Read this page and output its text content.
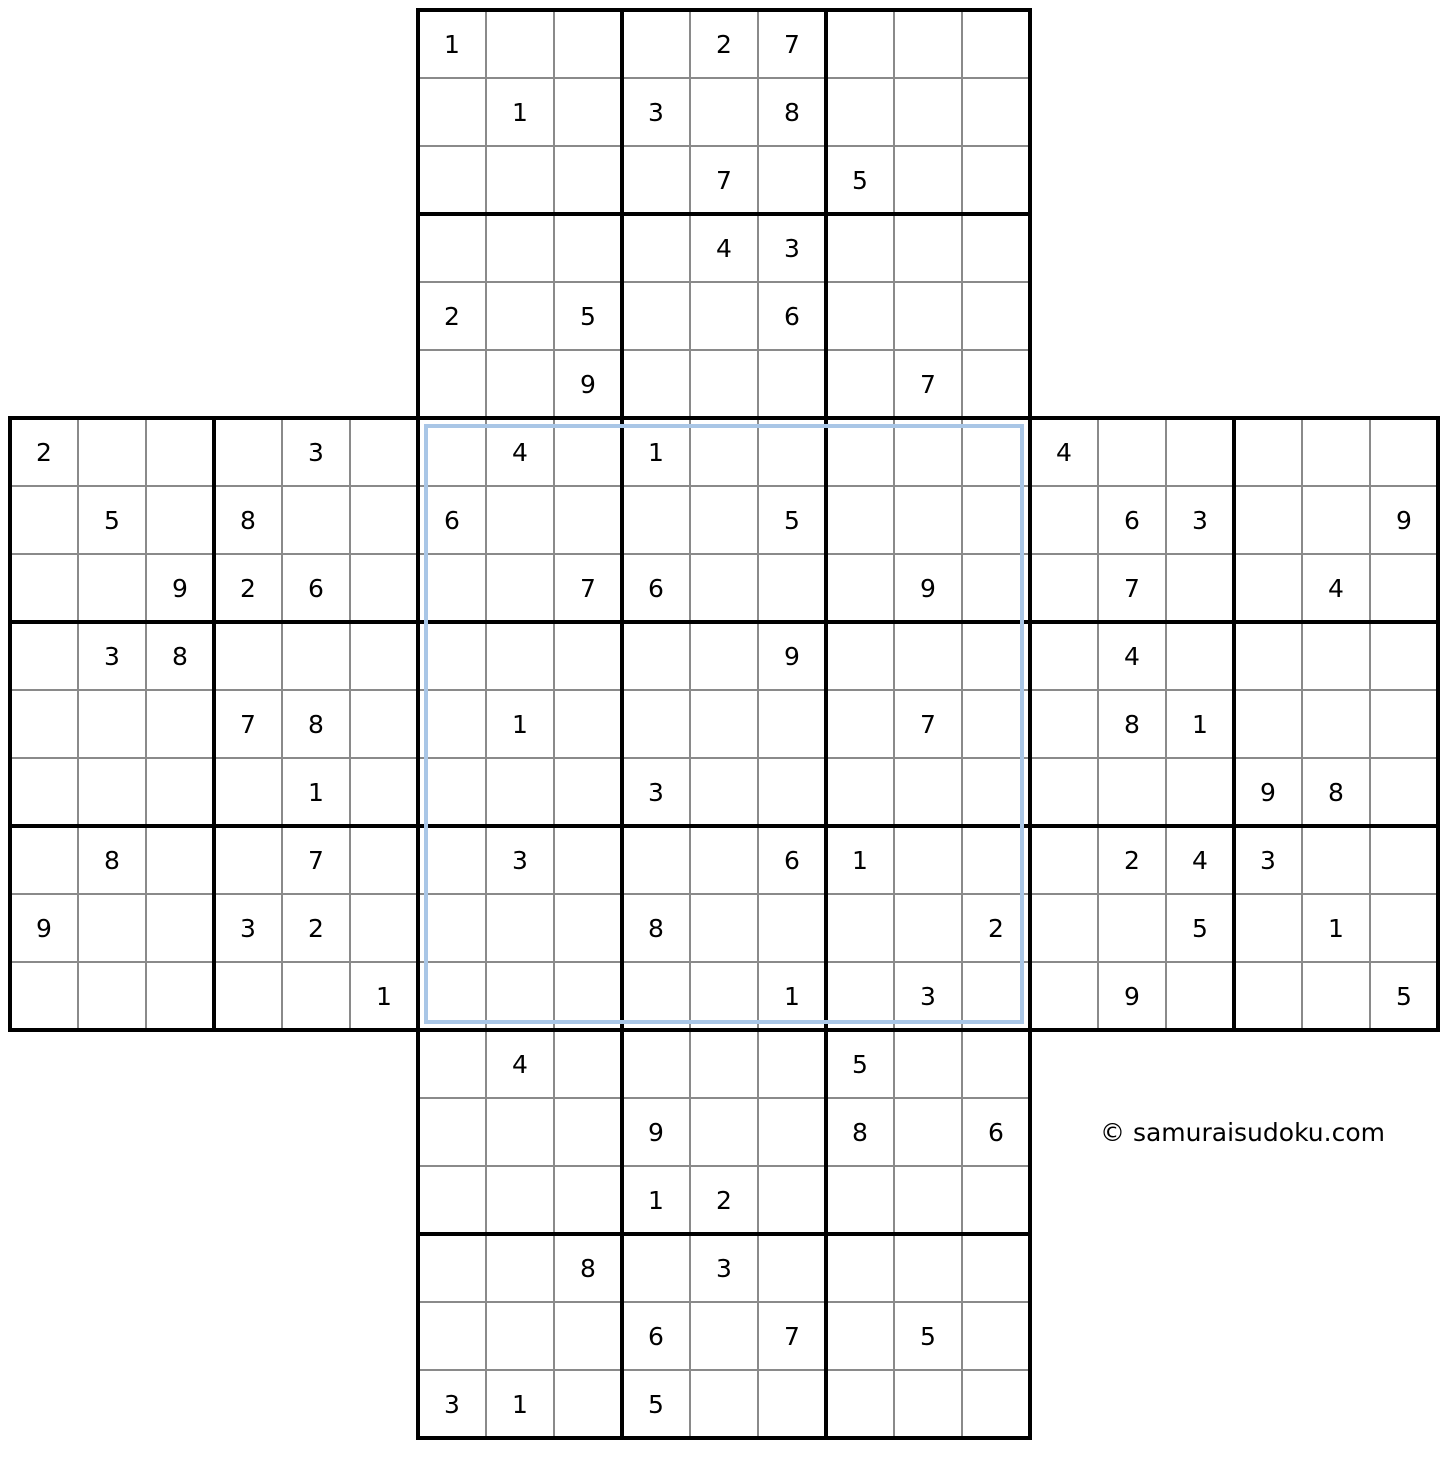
© samuraisudoku.com
